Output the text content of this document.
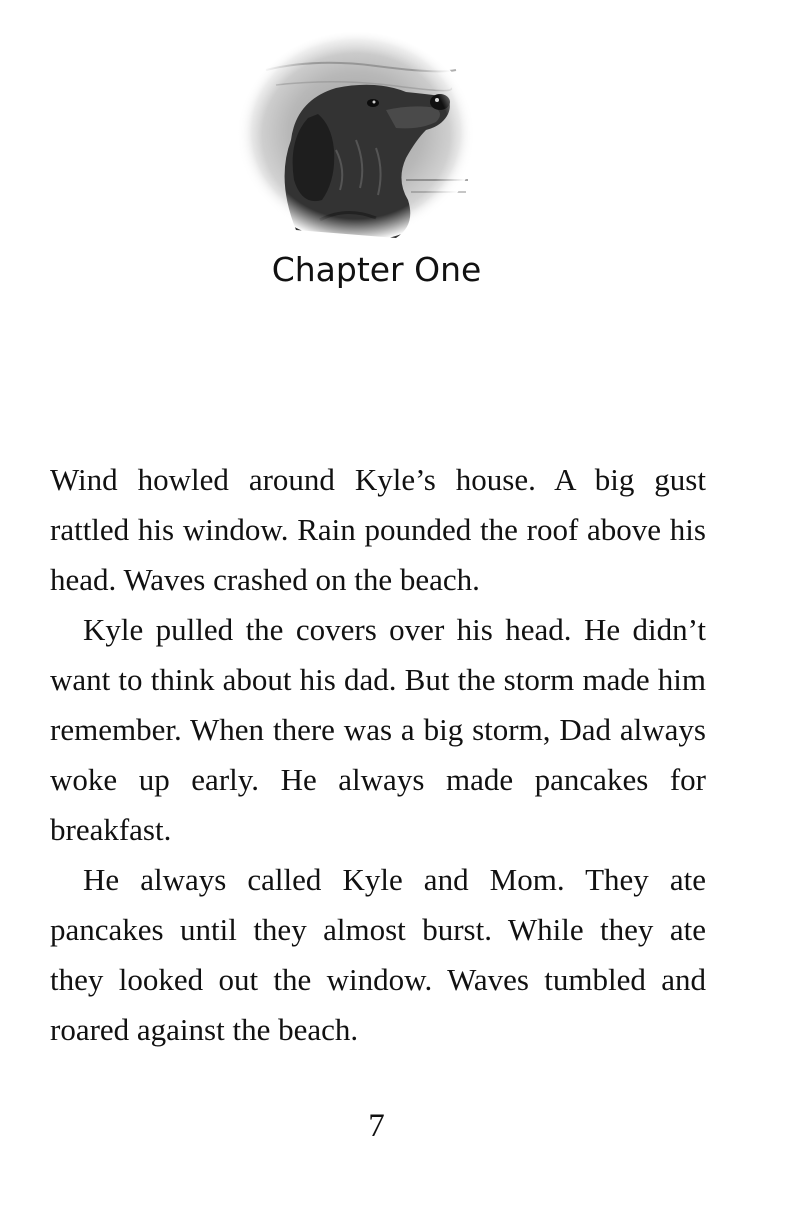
Chapter One

Wind howled around Kyle’s house. A big gust rattled his window. Rain pounded the roof above his head. Waves crashed on the beach.

Kyle pulled the covers over his head. He didn’t want to think about his dad. But the storm made him remember. When there was a big storm, Dad always woke up early. He always made pancakes for breakfast.

He always called Kyle and Mom. They ate pancakes until they almost burst. While they ate they looked out the window. Waves tumbled and roared against the beach.

7
